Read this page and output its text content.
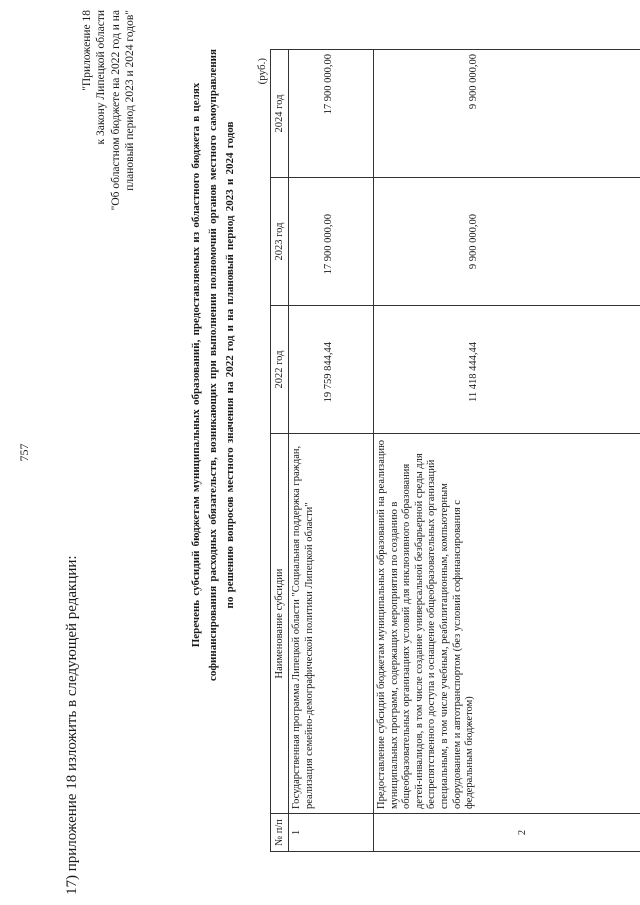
757
17) приложение 18 изложить в следующей редакции:
"Приложение 18 к Закону Липецкой области "Об областном бюджете на 2022 год и на плановый период 2023 и 2024 годов"	Перечень субсидий бюджетам муниципальных образований, предоставляемых из областного бюджета в целях софинансирования расходных обязательств, возникающих при выполнении полномочий органов местного самоуправления по решению вопросов местного значения на 2022 год и на плановый период 2023 и 2024 годов
(руб.)
№ п/п	Наименование субсидии	2022 год	2023 год	2024 год
1	Государственная программа Липецкой области "Социальная поддержка граждан, реализация семейно-демографической политики Липецкой области"	19 759 844,44	17 900 000,00	17 900 000,00
2	Предоставление субсидий бюджетам муниципальных образований на реализацию муниципальных программ, содержащих мероприятия по созданию в общеобразовательных организациях условий для инклюзивного образования детей-инвалидов, в том числе создание универсальной безбарьерной среды для беспрепятственного доступа и оснащение общеобразовательных организаций специальным, в том числе учебным, реабилитационным, компьютерным оборудованием и автотранспортом (без условий софинансирования с федеральным бюджетом)	11 418 444,44	9 900 000,00	9 900 000,00
